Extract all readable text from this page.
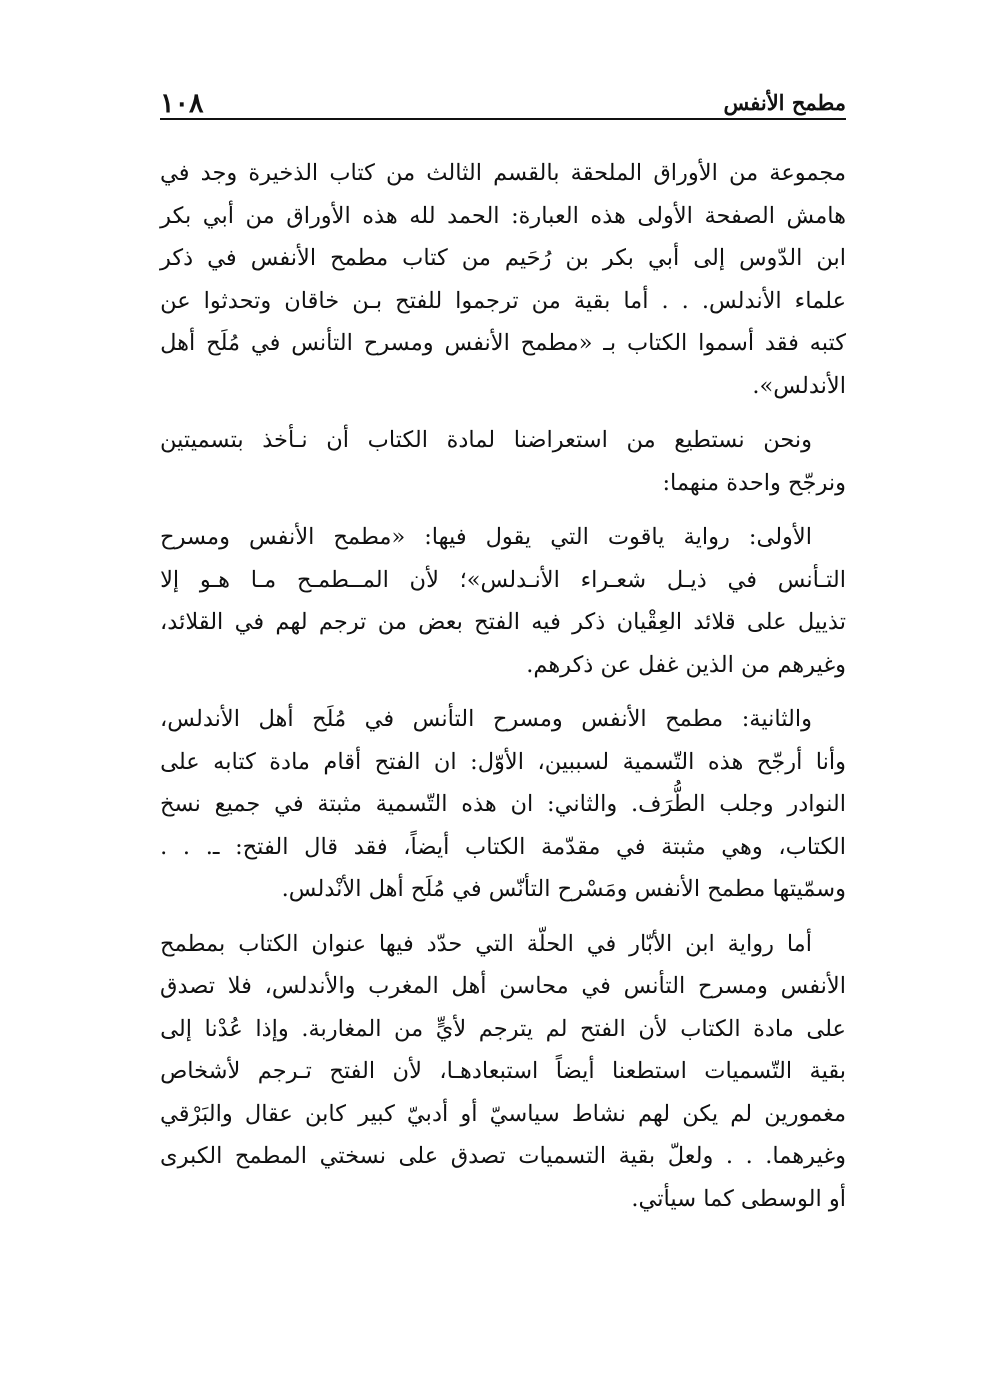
١٠٨	مطمح الأنفس
مجموعة
من
الأوراق
الملحقة
بالقسم
الثالث
من
كتاب
الذخيرة
وجد
في
هامش
الصفحة
الأولى
هذه
العبارة:
الحمد
لله
هذه
الأوراق
من
أبي
بكر
ابن
الدّوس
إلى
أبي
بكر
بن
رُحَيم
من
كتاب
مطمح
الأنفس
في
ذكر
علماء
الأندلس.
.
.
أما
بقية
من
ترجموا
للفتح
بـن
خاقان
وتحدثوا
عن
كتبه
فقد
أسموا
الكتاب
بـ
«مطمح
الأنفس
ومسرح
التأنس
في
مُلَح
أهل
الأندلس».
ونحن
نستطيع
من
استعراضنا
لمادة
الكتاب
أن
نـأخذ
بتسميتين
ونرجّح واحدة منهما:
الأولى:
رواية
ياقوت
التي
يقول
فيها:
«مطمح
الأنفس
ومسرح
التـأنس
في
ذيـل
شعـراء
الأنـدلس»؛
لأن
المــطمـح
مـا
هـو
إلا
تذييل
على
قلائد
العِقْيان
ذكر
فيه
الفتح
بعض
من
ترجم
لهم
في
القلائد،
وغيرهم من الذين غفل عن ذكرهم.
والثانية:
مطمح
الأنفس
ومسرح
التأنس
في
مُلَح
أهل
الأندلس،
وأنا
أرجّح
هذه
التّسمية
لسببين،
الأوّل:
ان
الفتح
أقام
مادة
كتابه
على
النوادر
وجلب
الطُّرَف.
والثاني:
ان
هذه
التّسمية
مثبتة
في
جميع
نسخ
الكتاب،
وهي
مثبتة
في
مقدّمة
الكتاب
أيضاً،
فقد
قال
الفتح:
ـ.
.
.
وسمّيتها مطمح الأنفس ومَسْرح التأنّس في مُلَح أهل الأنْدلس.
أما
رواية
ابن
الأبّار
في
الحلّة
التي
حدّد
فيها
عنوان
الكتاب
بمطمح
الأنفس
ومسرح
التأنس
في
محاسن
أهل
المغرب
والأندلس،
فلا
تصدق
على
مادة
الكتاب
لأن
الفتح
لم
يترجم
لأيٍّ
من
المغاربة.
وإذا
عُدْنا
إلى
بقية
التّسميات
استطعنا
أيضاً
استبعادهـا،
لأن
الفتح
تـرجم
لأشخاص
مغمورين
لم
يكن
لهم
نشاط
سياسيّ
أو
أدبيّ
كبير
كابن
عقال
والبَرْقي
وغيرهما.
.
.
ولعلّ
بقية
التسميات
تصدق
على
نسختي
المطمح
الكبرى
أو الوسطى كما سيأتي.
